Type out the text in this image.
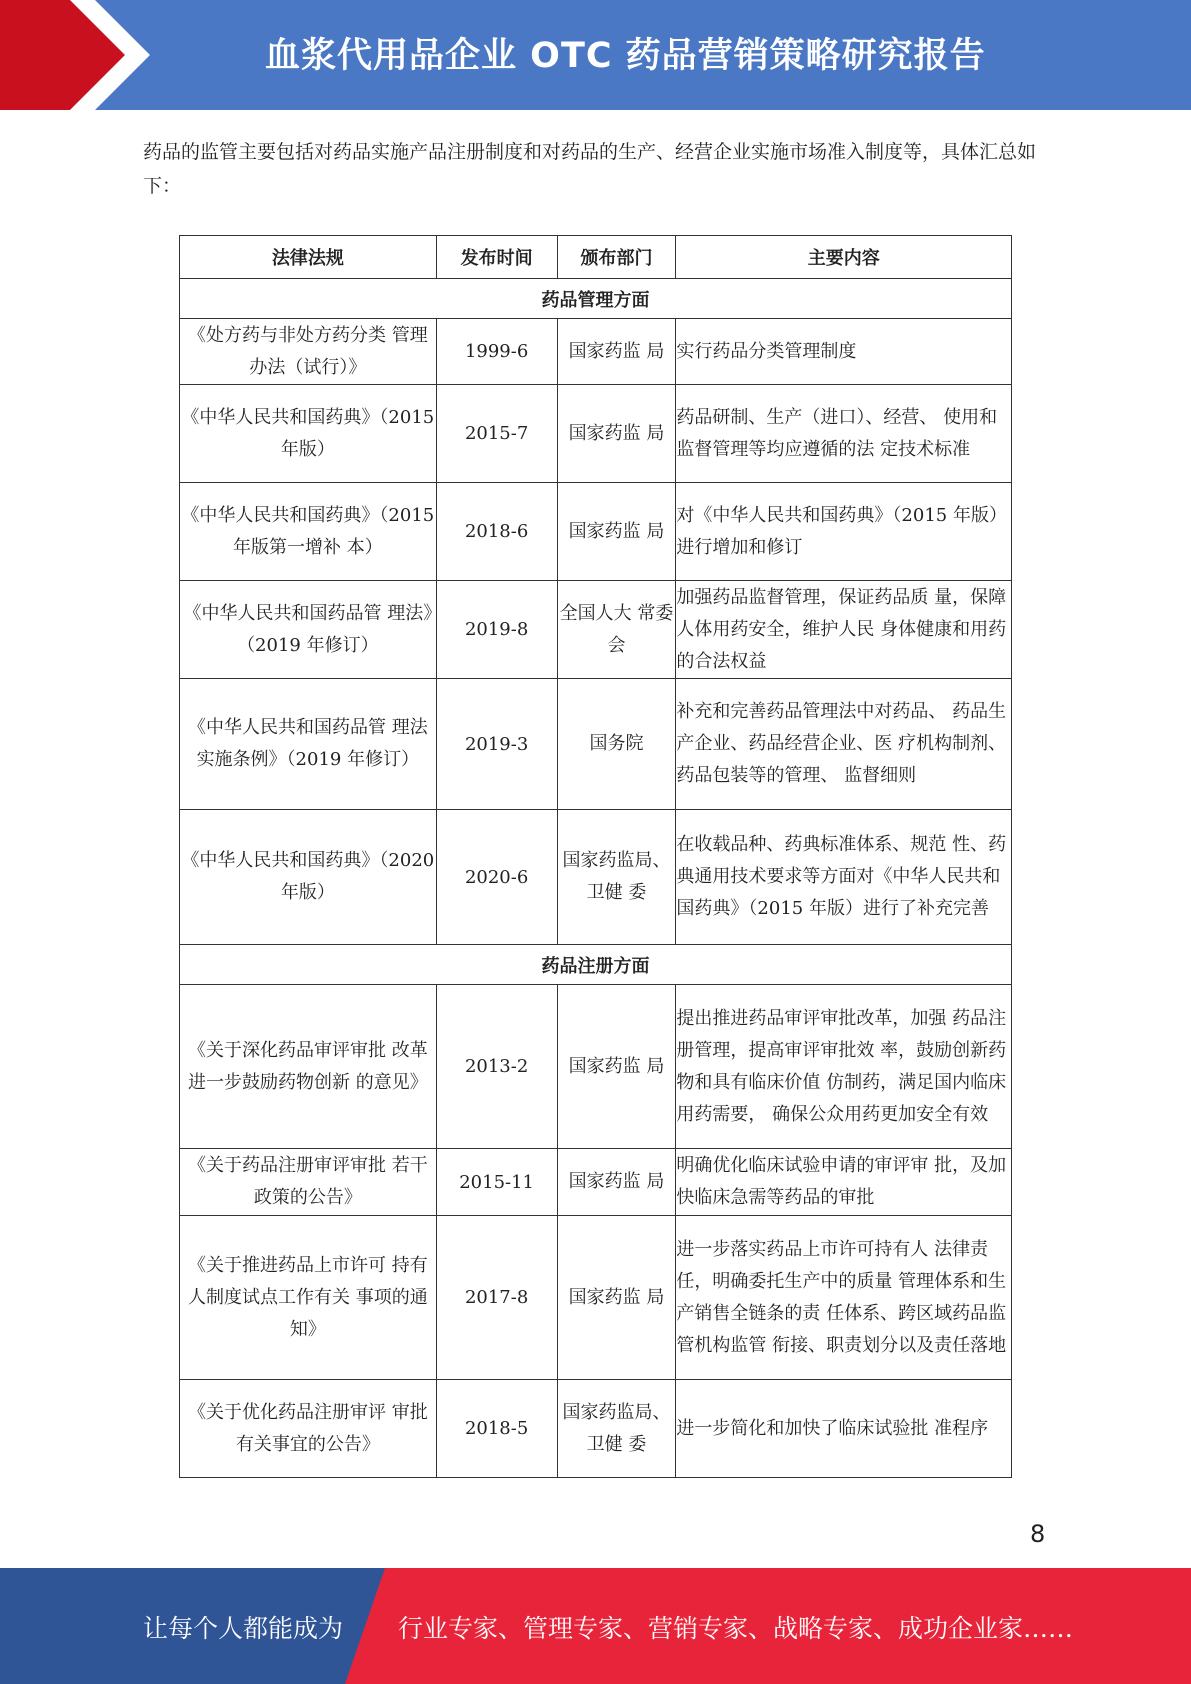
血浆代用品企业 OTC 药品营销策略研究报告
药品的监管主要包括对药品实施产品注册制度和对药品的生产、经营企业实施市场准入制度等，具体汇总如下：
法律法规	发布时间	颁布部门	主要内容
药品管理方面			
《处方药与非处方药分类 管理办法（试行）》	1999-6	国家药监 局	实行药品分类管理制度
《中华人民共和国药典》（2015 年版）	2015-7	国家药监 局	药品研制、生产（进口）、经营、 使用和监督管理等均应遵循的法 定技术标准
《中华人民共和国药典》（2015 年版第一增补 本）	2018-6	国家药监 局	对《中华人民共和国药典》（2015 年版）进行增加和修订
《中华人民共和国药品管 理法》（2019 年修订）	2019-8	全国人大 常委会	加强药品监督管理，保证药品质 量，保障人体用药安全，维护人民 身体健康和用药的合法权益
《中华人民共和国药品管 理法实施条例》（2019 年修订）	2019-3	国务院	补充和完善药品管理法中对药品、 药品生产企业、药品经营企业、医 疗机构制剂、药品包装等的管理、 监督细则
《中华人民共和国药典》（2020 年版）	2020-6	国家药监局、卫健 委	在收载品种、药典标准体系、规范 性、药典通用技术要求等方面对《中华人民共和国药典》（2015 年版）进行了补充完善
药品注册方面			
《关于深化药品审评审批 改革进一步鼓励药物创新 的意见》	2013-2	国家药监 局	提出推进药品审评审批改革，加强 药品注册管理，提高审评审批效 率，鼓励创新药物和具有临床价值 仿制药，满足国内临床用药需要， 确保公众用药更加安全有效
《关于药品注册审评审批 若干政策的公告》	2015-11	国家药监 局	明确优化临床试验申请的审评审 批，及加快临床急需等药品的审批
《关于推进药品上市许可 持有人制度试点工作有关 事项的通知》	2017-8	国家药监 局	进一步落实药品上市许可持有人 法律责任，明确委托生产中的质量 管理体系和生产销售全链条的责 任体系、跨区域药品监管机构监管 衔接、职责划分以及责任落地
《关于优化药品注册审评 审批有关事宜的公告》	2018-5	国家药监局、卫健 委	进一步简化和加快了临床试验批 准程序
8
让每个人都能成为 行业专家、管理专家、营销专家、战略专家、成功企业家……
